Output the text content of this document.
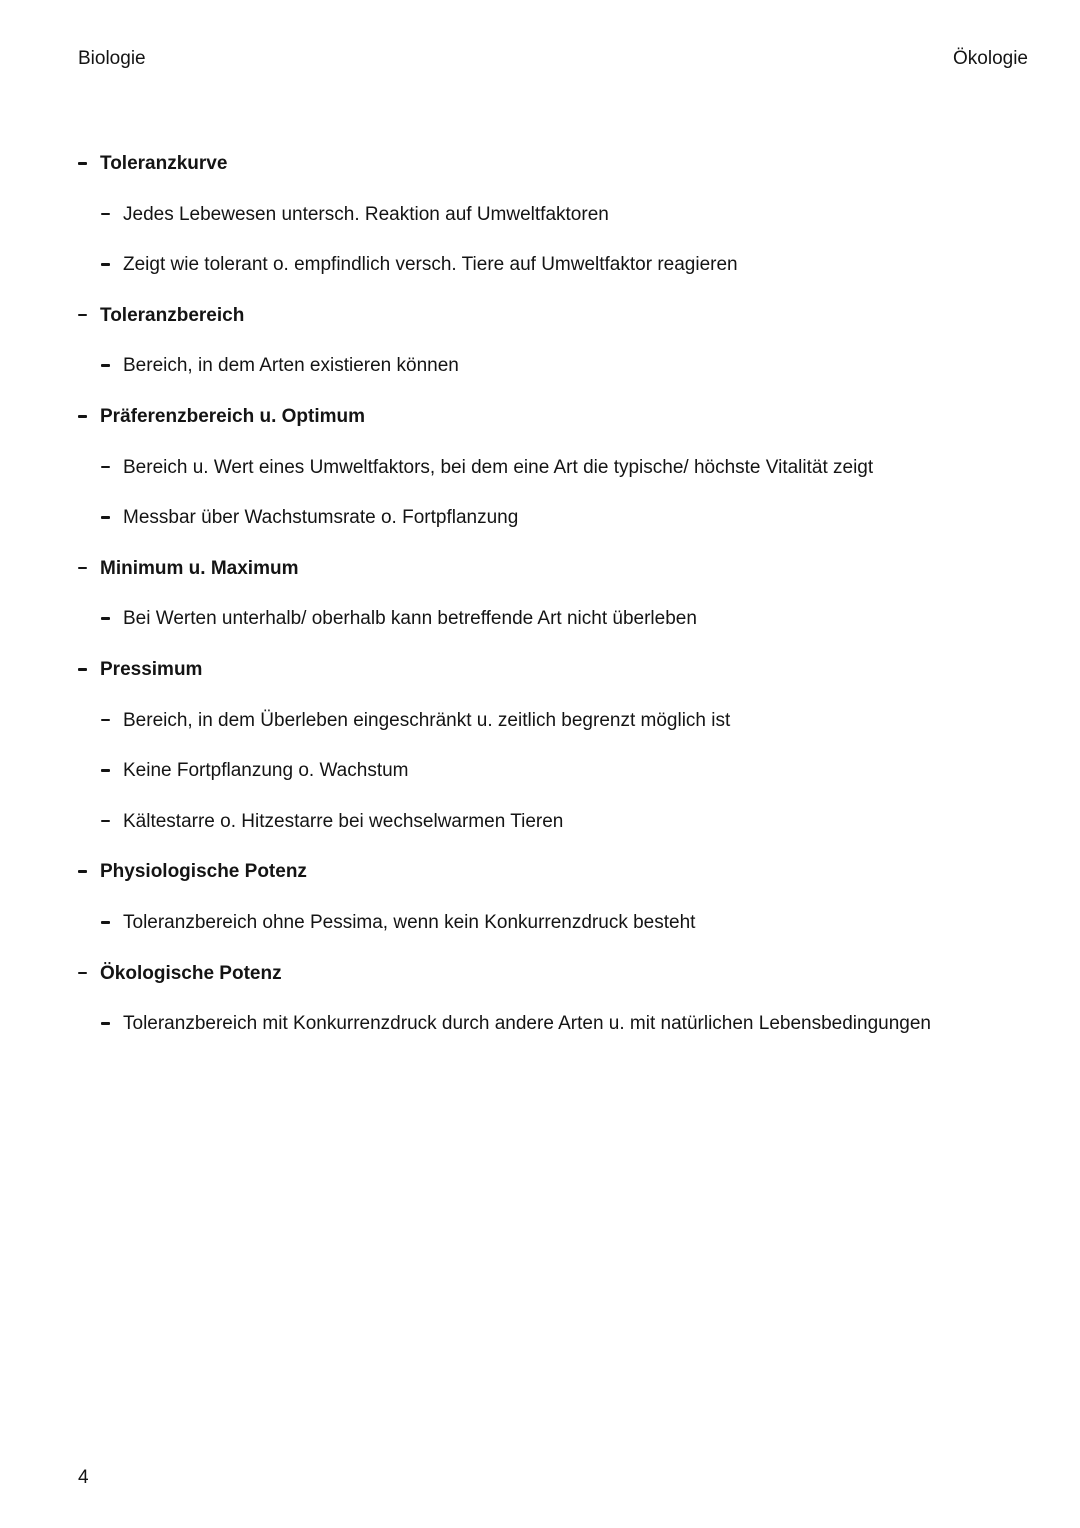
Biologie	Ökologie
Toleranzkurve
Jedes Lebewesen untersch. Reaktion auf Umweltfaktoren
Zeigt wie tolerant o. empfindlich versch. Tiere auf Umweltfaktor reagieren
Toleranzbereich
Bereich, in dem Arten existieren können
Präferenzbereich u. Optimum
Bereich u. Wert eines Umweltfaktors, bei dem eine Art die typische/ höchste Vitalität zeigt
Messbar über Wachstumsrate o. Fortpflanzung
Minimum u. Maximum
Bei Werten unterhalb/ oberhalb kann betreffende Art nicht überleben
Pressimum
Bereich, in dem Überleben eingeschränkt u. zeitlich begrenzt möglich ist
Keine Fortpflanzung o. Wachstum
Kältestarre o. Hitzestarre bei wechselwarmen Tieren
Physiologische Potenz
Toleranzbereich ohne Pessima, wenn kein Konkurrenzdruck besteht
Ökologische Potenz
Toleranzbereich mit Konkurrenzdruck durch andere Arten u. mit natürlichen Lebensbedingungen
4
